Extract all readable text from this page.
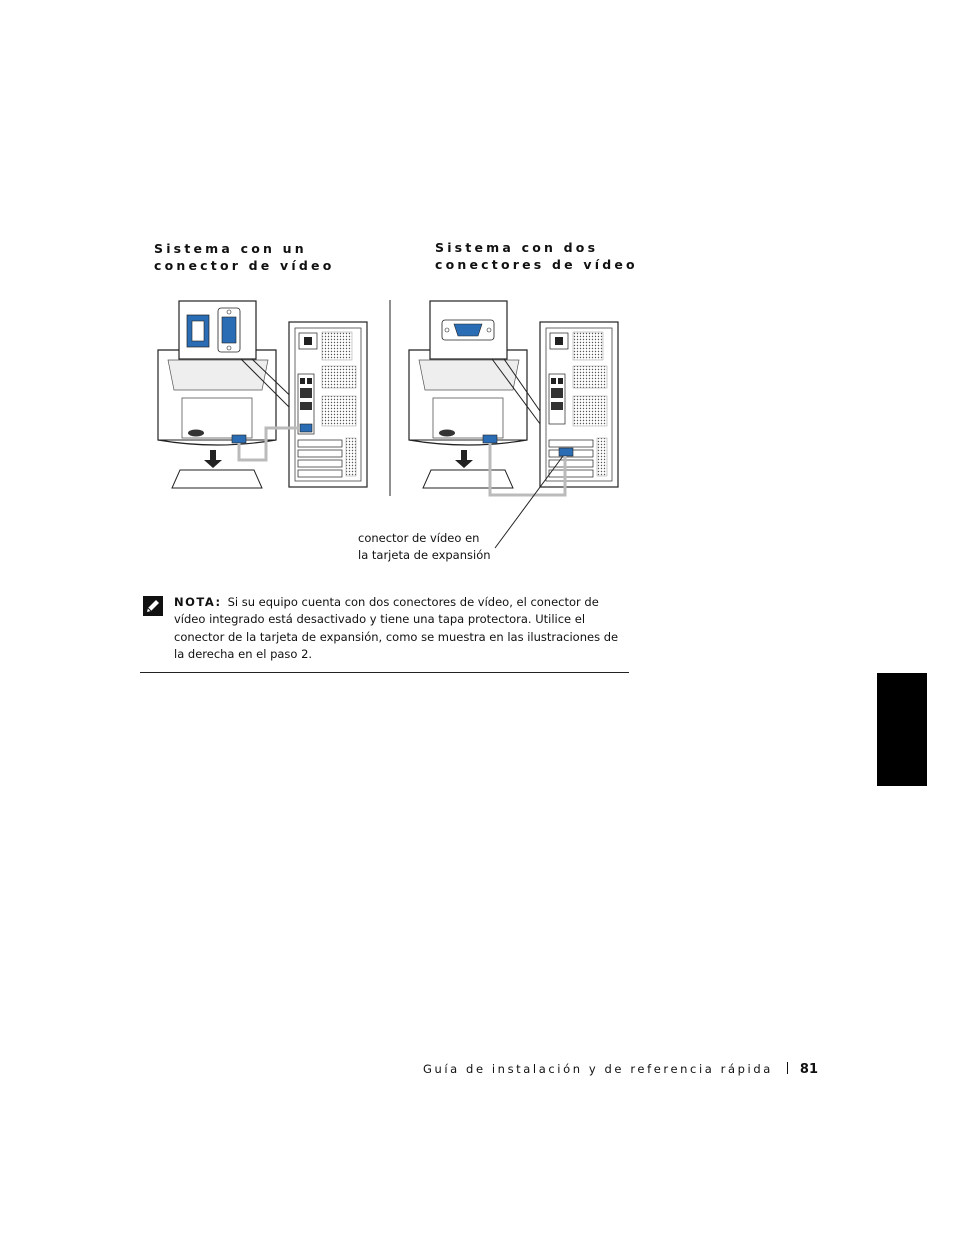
Sistema con un
conector de vídeo
Sistema con dos
conectores de vídeo
conector de vídeo en
la tarjeta de expansión
NOTA: Si su equipo cuenta con dos conectores de vídeo, el conector de vídeo integrado está desactivado y tiene una tapa protectora. Utilice el conector de la tarjeta de expansión, como se muestra en las ilustraciones de la derecha en el paso 2.
Guía de instalación y de referencia rápida 81
